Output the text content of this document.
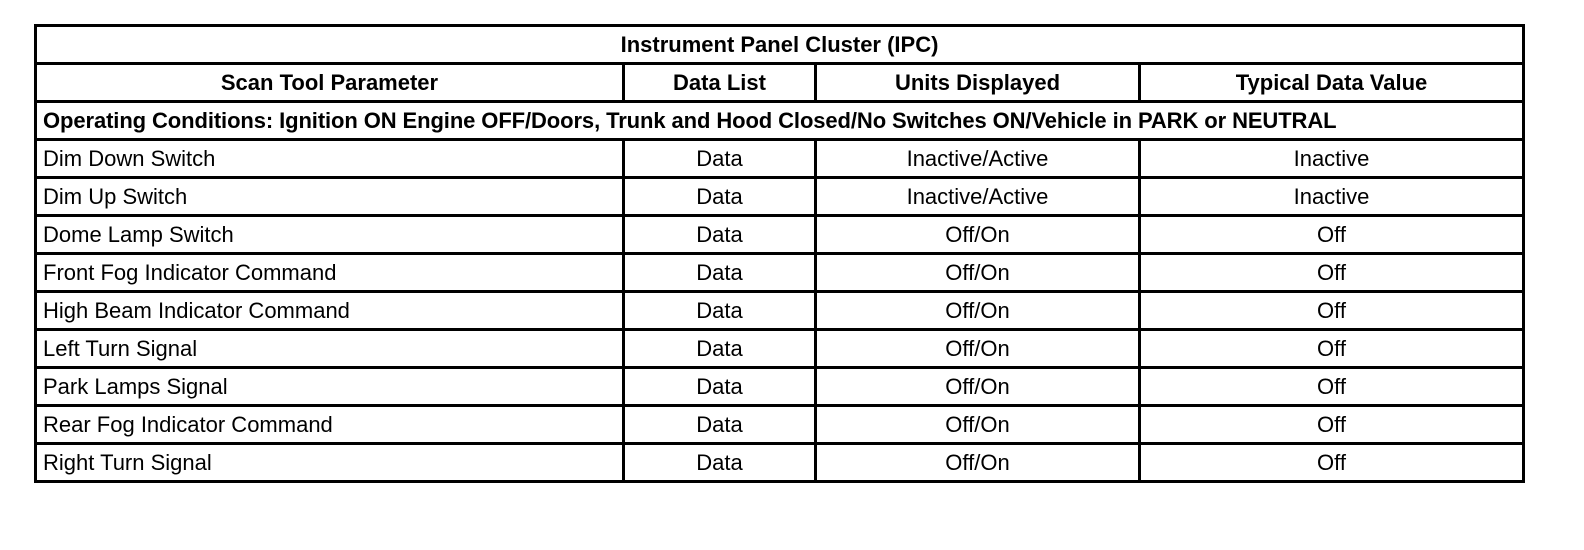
Instrument Panel Cluster (IPC)			
Scan Tool Parameter	Data List	Units Displayed	Typical Data Value
Operating Conditions: Ignition ON Engine OFF/Doors, Trunk and Hood Closed/No Switches ON/Vehicle in PARK or NEUTRAL			
Dim Down Switch	Data	Inactive/Active	Inactive
Dim Up Switch	Data	Inactive/Active	Inactive
Dome Lamp Switch	Data	Off/On	Off
Front Fog Indicator Command	Data	Off/On	Off
High Beam Indicator Command	Data	Off/On	Off
Left Turn Signal	Data	Off/On	Off
Park Lamps Signal	Data	Off/On	Off
Rear Fog Indicator Command	Data	Off/On	Off
Right Turn Signal	Data	Off/On	Off
